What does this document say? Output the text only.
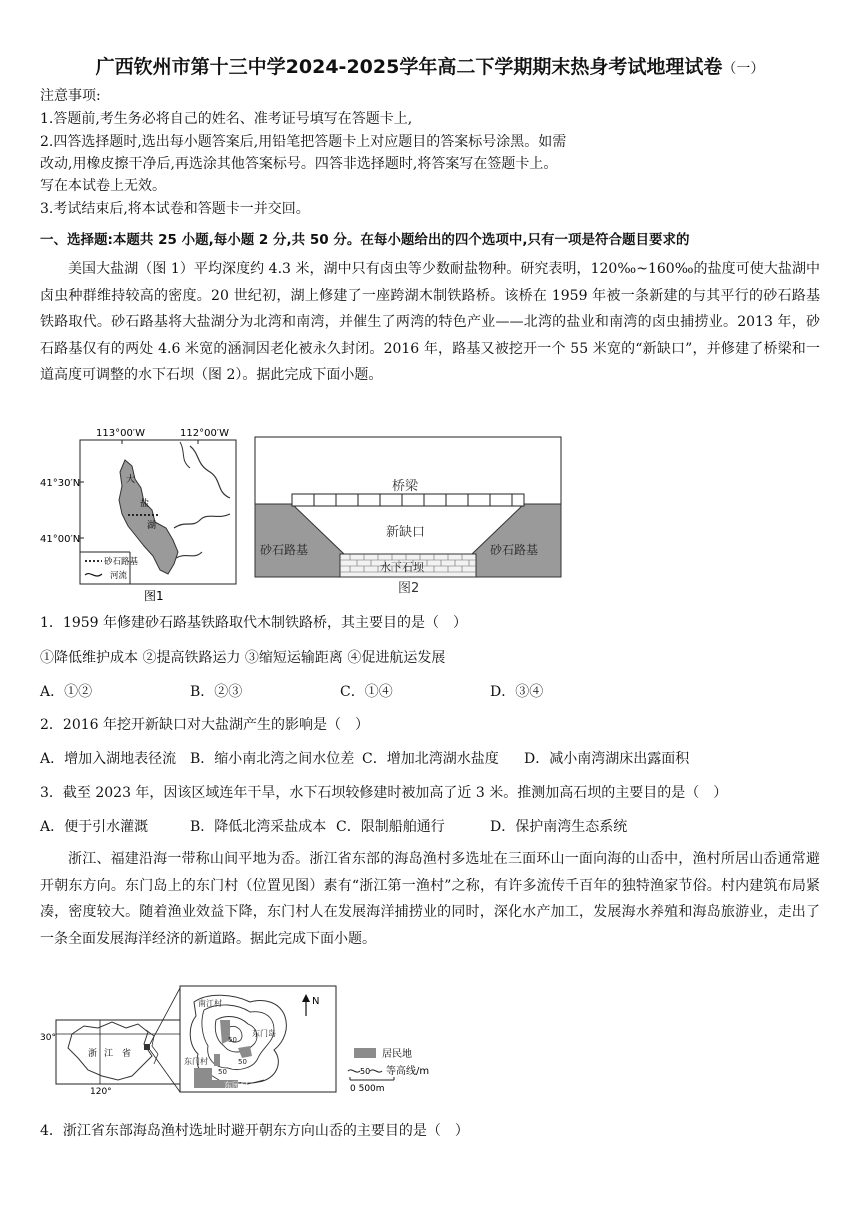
广西钦州市第十三中学2024-2025学年高二下学期期末热身考试地理试卷（一）
注意事项:
1.答题前,考生务必将自己的姓名、准考证号填写在答题卡上,
2.四答选择题时,选出每小题答案后,用铅笔把答题卡上对应题目的答案标号涂黑。如需
改动,用橡皮擦干净后,再选涂其他答案标号。四答非选择题时,将答案写在签题卡上。
写在本试卷上无效。
3.考试结束后,将本试卷和答题卡一并交回。
一、选择题:本题共 25 小题,每小题 2 分,共 50 分。在每小题给出的四个选项中,只有一项是符合题目要求的
美国大盐湖（图 1）平均深度约 4.3 米，湖中只有卤虫等少数耐盐物种。研究表明，120‰~160‰的盐度可使大盐湖中卤虫种群维持较高的密度。20 世纪初，湖上修建了一座跨湖木制铁路桥。该桥在 1959 年被一条新建的与其平行的砂石路基铁路取代。砂石路基将大盐湖分为北湾和南湾，并催生了两湾的特色产业——北湾的盐业和南湾的卤虫捕捞业。2013 年，砂石路基仅有的两处 4.6 米宽的涵洞因老化被永久封闭。2016 年，路基又被挖开一个 55 米宽的“新缺口”，并修建了桥梁和一道高度可调整的水下石坝（图 2）。据此完成下面小题。
113°00′W	112°00′W
41°30′N
41°00′N
大
盐
湖
砂石路基
河流
图1
桥梁
新缺口
砂石路基	砂石路基
水下石坝
图2
1．1959 年修建砂石路基铁路取代木制铁路桥，其主要目的是（　）
①降低维护成本 ②提高铁路运力 ③缩短运输距离 ④促进航运发展
A．①②	B．②③	C．①④	D．③④
2．2016 年挖开新缺口对大盐湖产生的影响是（　）
A．增加入湖地表径流 B．缩小南北湾之间水位差 C．增加北湾湖水盐度 D．减小南湾湖床出露面积
3．截至 2023 年，因该区域连年干旱，水下石坝较修建时被加高了近 3 米。推测加高石坝的主要目的是（　）
A．便于引水灌溉	B．降低北湾采盐成本 C．限制船舶通行	D．保护南湾生态系统
浙江、福建沿海一带称山间平地为岙。浙江省东部的海岛渔村多选址在三面环山一面向海的山岙中，渔村所居山岙通常避开朝东方向。东门岛上的东门村（位置见图）素有“浙江第一渔村”之称，有许多流传千百年的独特渔家节俗。村内建筑布局紧凑，密度较大。随着渔业效益下降，东门村人在发展海洋捕捞业的同时，深化水产加工，发展海水养殖和海岛旅游业，走出了一条全面发展海洋经济的新道路。据此完成下面小题。
30°
120°
浙 江 省
南江村
东门岛
东门村
东园村
50
50
50
N
居民地
50 等高线/m
0 500m
4．浙江省东部海岛渔村选址时避开朝东方向山岙的主要目的是（　）
